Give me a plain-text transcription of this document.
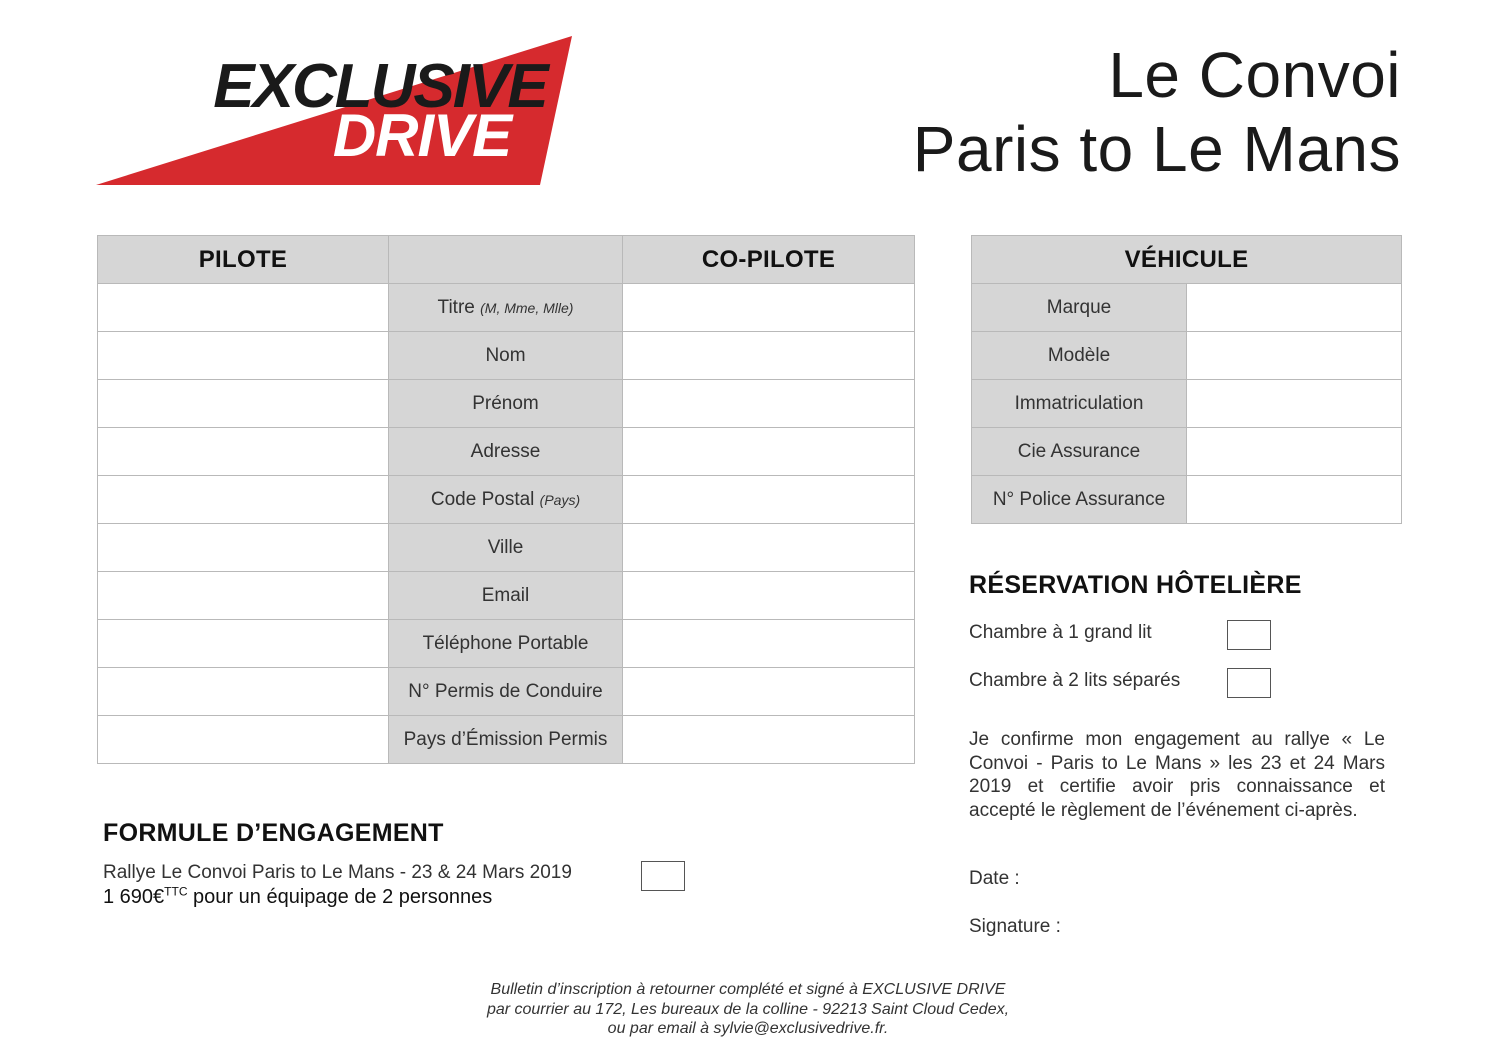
EXCLUSIVE
DRIVE
Le Convoi
Paris to Le Mans
PILOTE		CO-PILOTE
	Titre (M, Mme, Mlle)	
	Nom	
	Prénom	
	Adresse	
	Code Postal (Pays)	
	Ville	
	Email	
	Téléphone Portable	
	N° Permis de Conduire	
	Pays d’Émission Permis	
VÉHICULE	
Marque	
Modèle	
Immatriculation	
Cie Assurance	
N° Police Assurance	
RÉSERVATION HÔTELIÈRE
Chambre à 1 grand lit
Chambre à 2 lits séparés
Je confirme mon engagement au rallye « Le Convoi - Paris to Le Mans » les 23 et 24 Mars 2019 et certifie avoir pris connaissance et accepté le règlement de l’événement ci-après.
Date :
Signature :
FORMULE D’ENGAGEMENT
Rallye Le Convoi Paris to Le Mans - 23 & 24 Mars 2019
1 690€$^{TTC}$ pour un équipage de 2 personnes
Bulletin d’inscription à retourner complété et signé à EXCLUSIVE DRIVE
par courrier au 172, Les bureaux de la colline - 92213 Saint Cloud Cedex,
ou par email à sylvie@exclusivedrive.fr.
